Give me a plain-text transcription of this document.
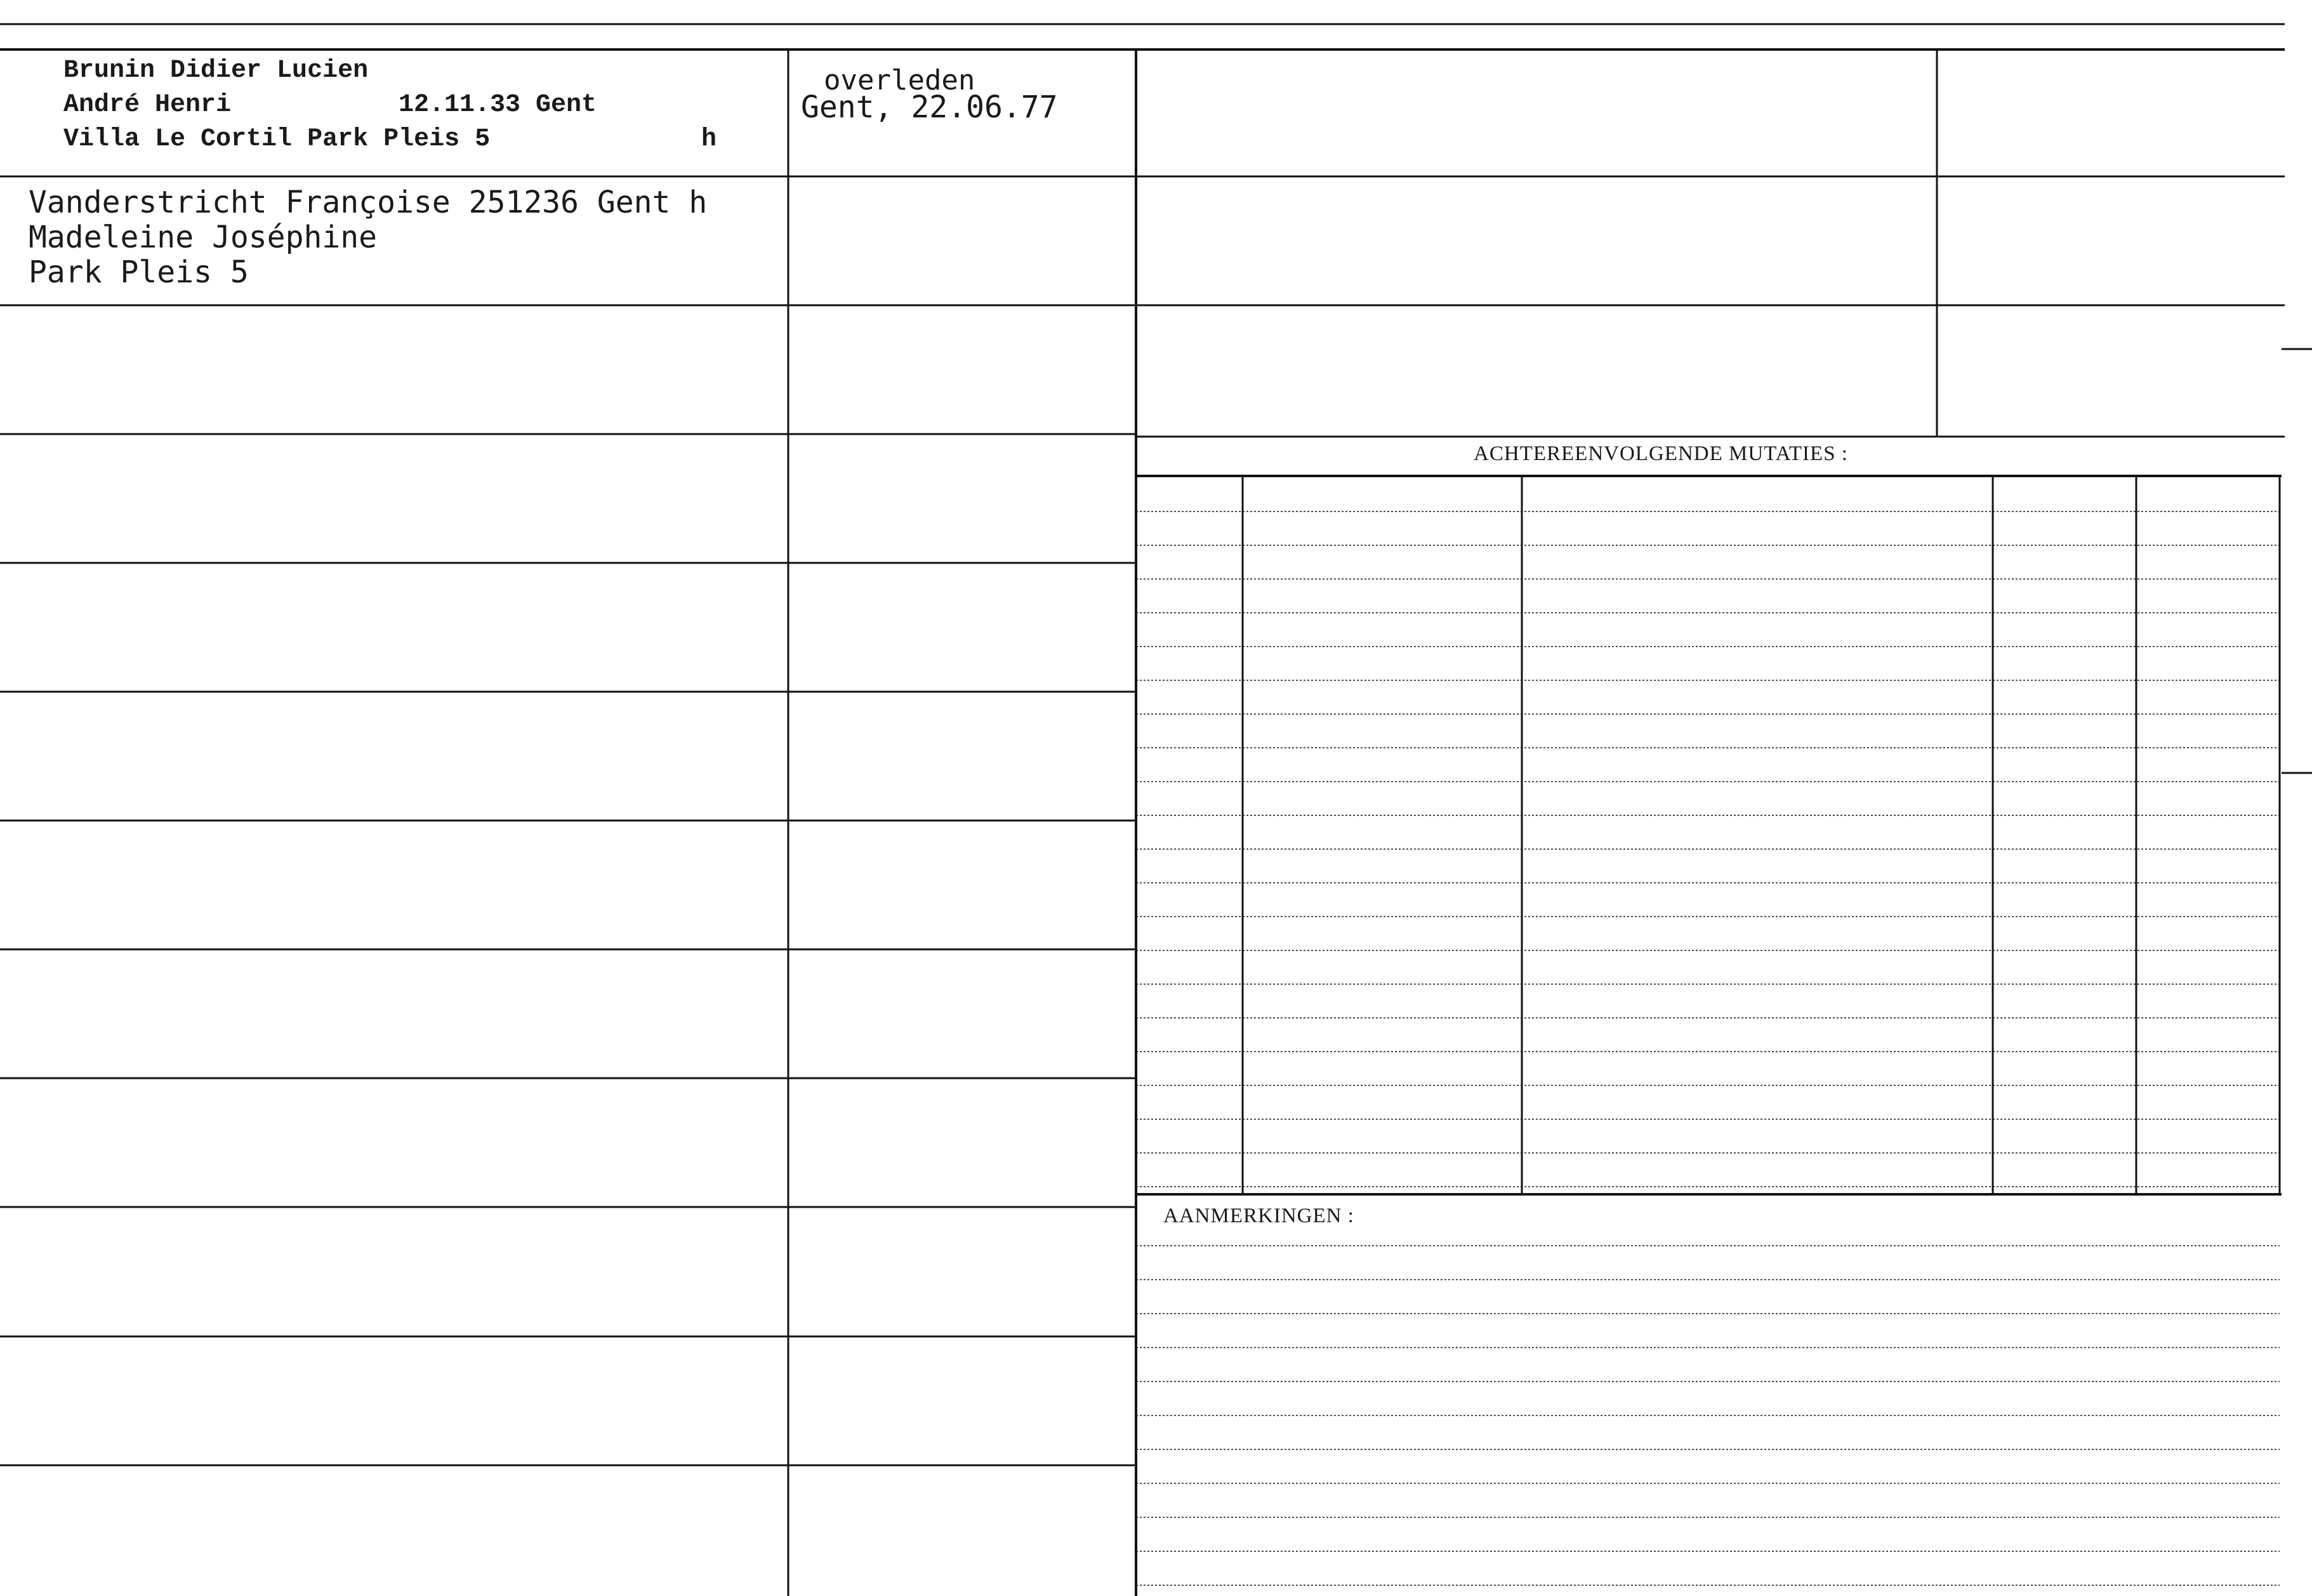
Brunin Didier Lucien
André Henri	12.11.33 Gent
Villa Le Cortil Park Pleis 5	h
overleden
Gent, 22.06.77
Vanderstricht Françoise 251236 Gent h
Madeleine Joséphine
Park Pleis 5
ACHTEREENVOLGENDE MUTATIES :
AANMERKINGEN :
